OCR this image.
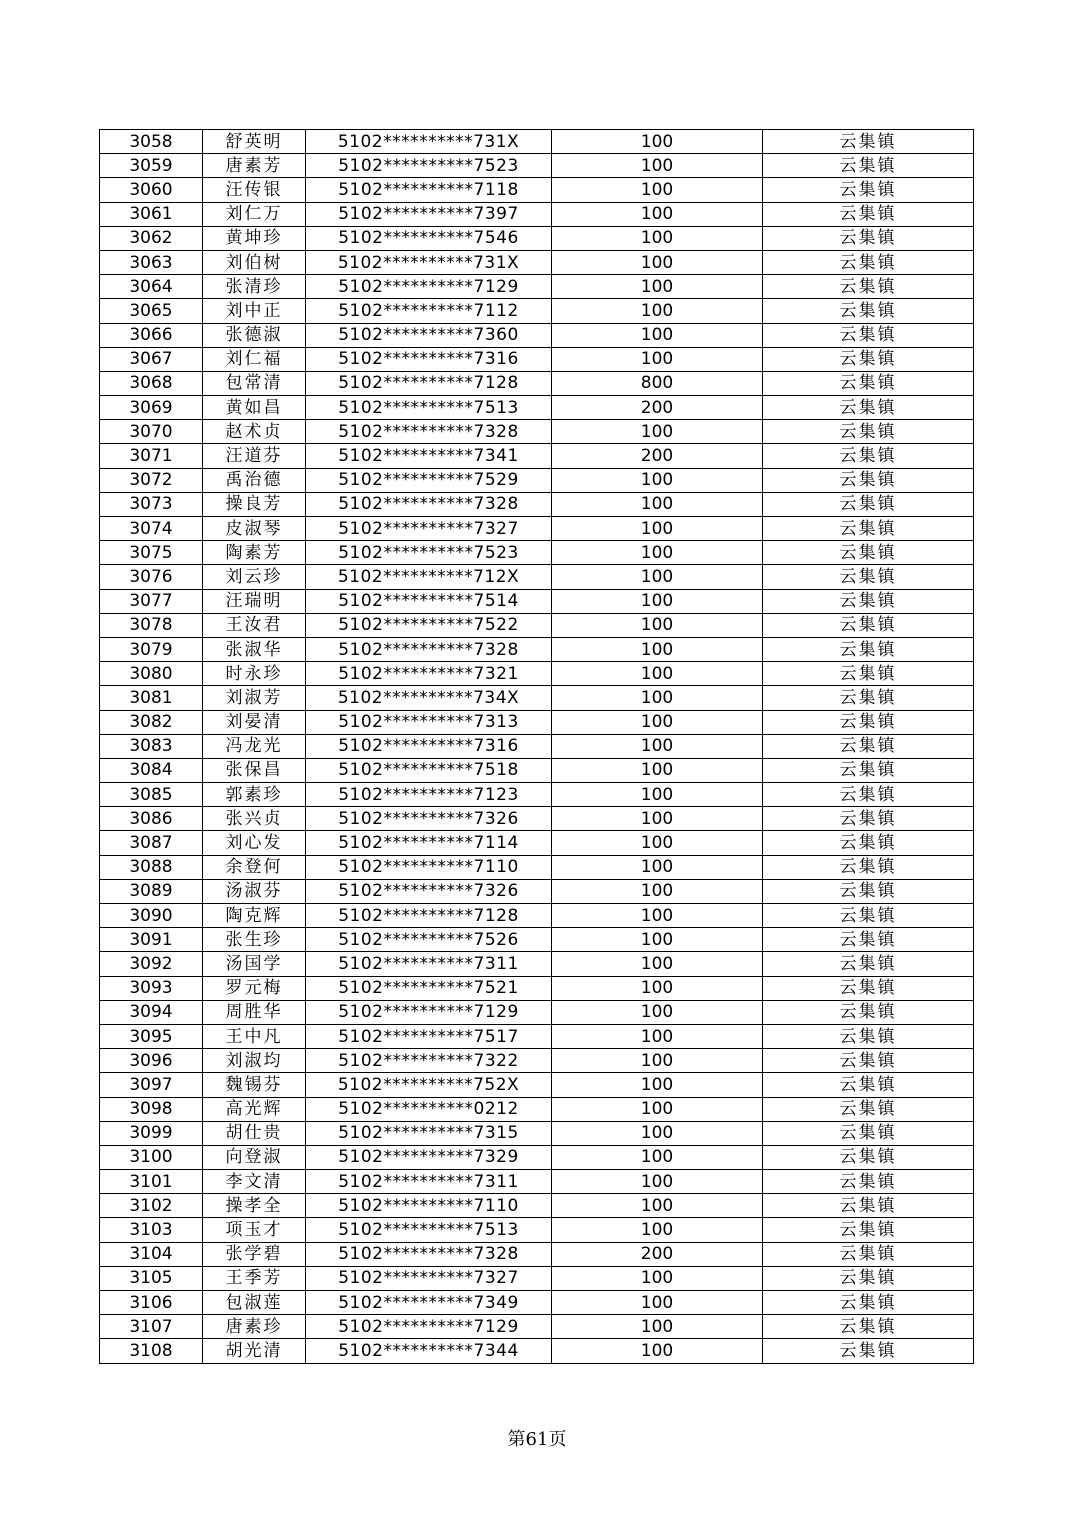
3058	舒英明	5102**********731X	100	云集镇
3059	唐素芳	5102**********7523	100	云集镇
3060	汪传银	5102**********7118	100	云集镇
3061	刘仁万	5102**********7397	100	云集镇
3062	黄坤珍	5102**********7546	100	云集镇
3063	刘伯树	5102**********731X	100	云集镇
3064	张清珍	5102**********7129	100	云集镇
3065	刘中正	5102**********7112	100	云集镇
3066	张德淑	5102**********7360	100	云集镇
3067	刘仁福	5102**********7316	100	云集镇
3068	包常清	5102**********7128	800	云集镇
3069	黄如昌	5102**********7513	200	云集镇
3070	赵术贞	5102**********7328	100	云集镇
3071	汪道芬	5102**********7341	200	云集镇
3072	禹治德	5102**********7529	100	云集镇
3073	操良芳	5102**********7328	100	云集镇
3074	皮淑琴	5102**********7327	100	云集镇
3075	陶素芳	5102**********7523	100	云集镇
3076	刘云珍	5102**********712X	100	云集镇
3077	汪瑞明	5102**********7514	100	云集镇
3078	王汝君	5102**********7522	100	云集镇
3079	张淑华	5102**********7328	100	云集镇
3080	时永珍	5102**********7321	100	云集镇
3081	刘淑芳	5102**********734X	100	云集镇
3082	刘晏清	5102**********7313	100	云集镇
3083	冯龙光	5102**********7316	100	云集镇
3084	张保昌	5102**********7518	100	云集镇
3085	郭素珍	5102**********7123	100	云集镇
3086	张兴贞	5102**********7326	100	云集镇
3087	刘心发	5102**********7114	100	云集镇
3088	余登何	5102**********7110	100	云集镇
3089	汤淑芬	5102**********7326	100	云集镇
3090	陶克辉	5102**********7128	100	云集镇
3091	张生珍	5102**********7526	100	云集镇
3092	汤国学	5102**********7311	100	云集镇
3093	罗元梅	5102**********7521	100	云集镇
3094	周胜华	5102**********7129	100	云集镇
3095	王中凡	5102**********7517	100	云集镇
3096	刘淑均	5102**********7322	100	云集镇
3097	魏锡芬	5102**********752X	100	云集镇
3098	高光辉	5102**********0212	100	云集镇
3099	胡仕贵	5102**********7315	100	云集镇
3100	向登淑	5102**********7329	100	云集镇
3101	李文清	5102**********7311	100	云集镇
3102	操孝全	5102**********7110	100	云集镇
3103	项玉才	5102**********7513	100	云集镇
3104	张学碧	5102**********7328	200	云集镇
3105	王季芳	5102**********7327	100	云集镇
3106	包淑莲	5102**********7349	100	云集镇
3107	唐素珍	5102**********7129	100	云集镇
3108	胡光清	5102**********7344	100	云集镇
第61页
